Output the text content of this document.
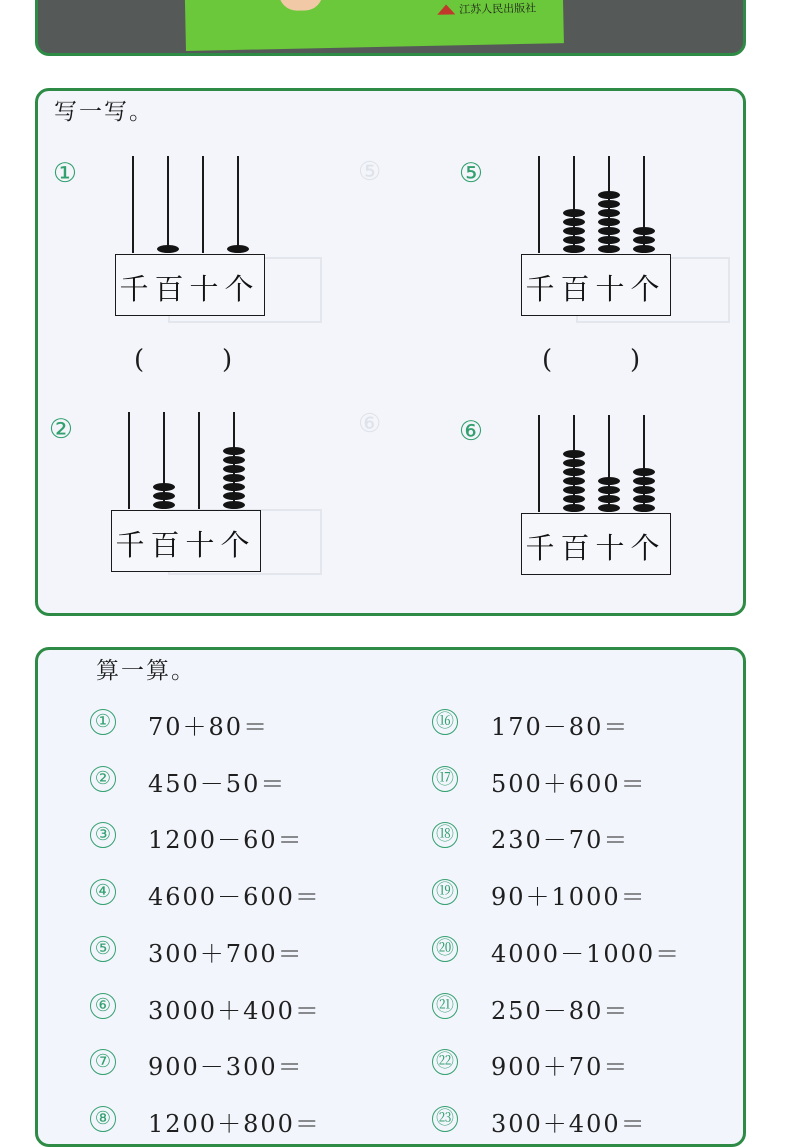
江苏人民出版社
⑤
⑥
写一写。
①
②
⑤
⑥
千 百 十 个
千 百 十 个
千 百 十 个
千 百 十 个
(	)	(	)
算一算。
① 70＋80＝
② 450－50＝
③ 1200－60＝
④ 4600－600＝
⑤ 300＋700＝
⑥ 3000＋400＝
⑦ 900－300＝
⑧ 1200＋800＝
⑯ 170－80＝
⑰ 500＋600＝
⑱ 230－70＝
⑲ 90＋1000＝
⑳ 4000－1000＝
㉑ 250－80＝
㉒ 900＋70＝
㉓ 300＋400＝
